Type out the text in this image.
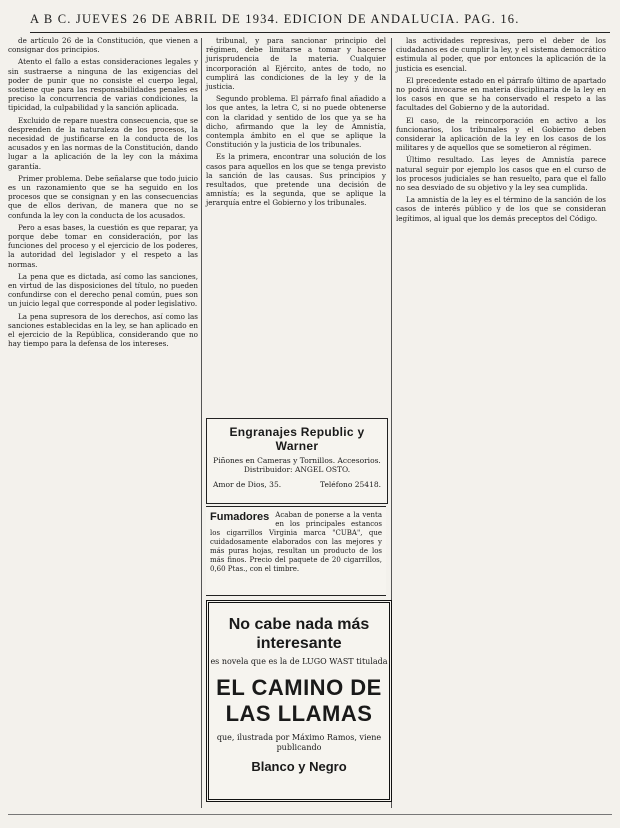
A B C. JUEVES 26 DE ABRIL DE 1934. EDICION DE ANDALUCIA. PAG. 16.

de artículo 26 de la Constitución, que vienen a consignar dos principios.

Atento el fallo a estas consideraciones legales y sin sustraerse a ninguna de las exigencias del poder de punir que no consiste el cuerpo legal, sostiene que para las responsabilidades penales es preciso la concurrencia de varias condiciones, la tipicidad, la culpabilidad y la sanción aplicada.

Excluido de repare nuestra consecuencia, que se desprenden de la naturaleza de los procesos, la necesidad de justificarse en la conducta de los acusados y en las normas de la Constitución, dando lugar a la aplicación de la ley con la máxima garantía.

Primer problema. Debe señalarse que todo juicio es un razonamiento que se ha seguido en los procesos que se consignan y en las consecuencias que de ellos derivan, de manera que no se confunda la ley con la conducta de los acusados.

Pero a esas bases, la cuestión es que reparar, ya porque debe tomar en consideración, por las funciones del proceso y el ejercicio de los poderes, la autoridad del legislador y el respeto a las normas.

La pena que es dictada, así como las sanciones, en virtud de las disposiciones del título, no pueden confundirse con el derecho penal común, pues son un juicio legal que corresponde al poder legislativo.

La pena supresora de los derechos, así como las sanciones establecidas en la ley, se han aplicado en el ejercicio de la República, considerando que no hay tiempo para la defensa de los intereses.

tribunal, y para sancionar principio del régimen, debe limitarse a tomar y hacerse jurisprudencia de la materia. Cualquier incorporación al Ejército, antes de todo, no cumplirá las condiciones de la ley y de la justicia.

Segundo problema. El párrafo final añadido a los que antes, la letra C, si no puede obtenerse con la claridad y sentido de los que ya se ha dicho, afirmando que la ley de Amnistía, contempla ámbito en el que se aplique la Constitución y la justicia de los tribunales.

Es la primera, encontrar una solución de los casos para aquellos en los que se tenga previsto la sanción de las causas. Sus principios y resultados, que pretende una decisión de amnistía; es la segunda, que se aplique la jerarquía entre el Gobierno y los tribunales.

las actividades represivas, pero el deber de los ciudadanos es de cumplir la ley, y el sistema democrático estimula al poder, que por entonces la aplicación de la justicia es esencial.

El precedente estado en el párrafo último de apartado no podrá invocarse en materia disciplinaria de la ley en los casos en que se ha conservado el respeto a las facultades del Gobierno y de la autoridad.

El caso, de la reincorporación en activo a los funcionarios, los tribunales y el Gobierno deben considerar la aplicación de la ley en los casos de los militares y de aquellos que se sometieron al régimen.

Último resultado. Las leyes de Amnistía parece natural seguir por ejemplo los casos que en el curso de los procesos judiciales se han resuelto, para que el fallo no sea desviado de su objetivo y la ley sea cumplida.

La amnistía de la ley es el término de la sanción de los casos de interés público y de los que se consideran legítimos, al igual que los demás preceptos del Código.

Engranajes Republic y Warner
Piñones en Cameras y Tornillos. Accesorios. Distribuidor: ANGEL OSTO.
Amor de Dios, 35.	Teléfono 25418.
Fumadores Acaban de ponerse a la venta en los principales estancos los cigarrillos Virginia marca "CUBA", que cuidadosamente elaborados con las mejores y más puras hojas, resultan un producto de los más finos. Precio del paquete de 20 cigarrillos, 0,60 Ptas., con el timbre.
No cabe nada más interesante
es novela que es la de LUGO WAST titulada
EL CAMINO DE LAS LLAMAS
que, ilustrada por Máximo Ramos, viene publicando
Blanco y Negro
